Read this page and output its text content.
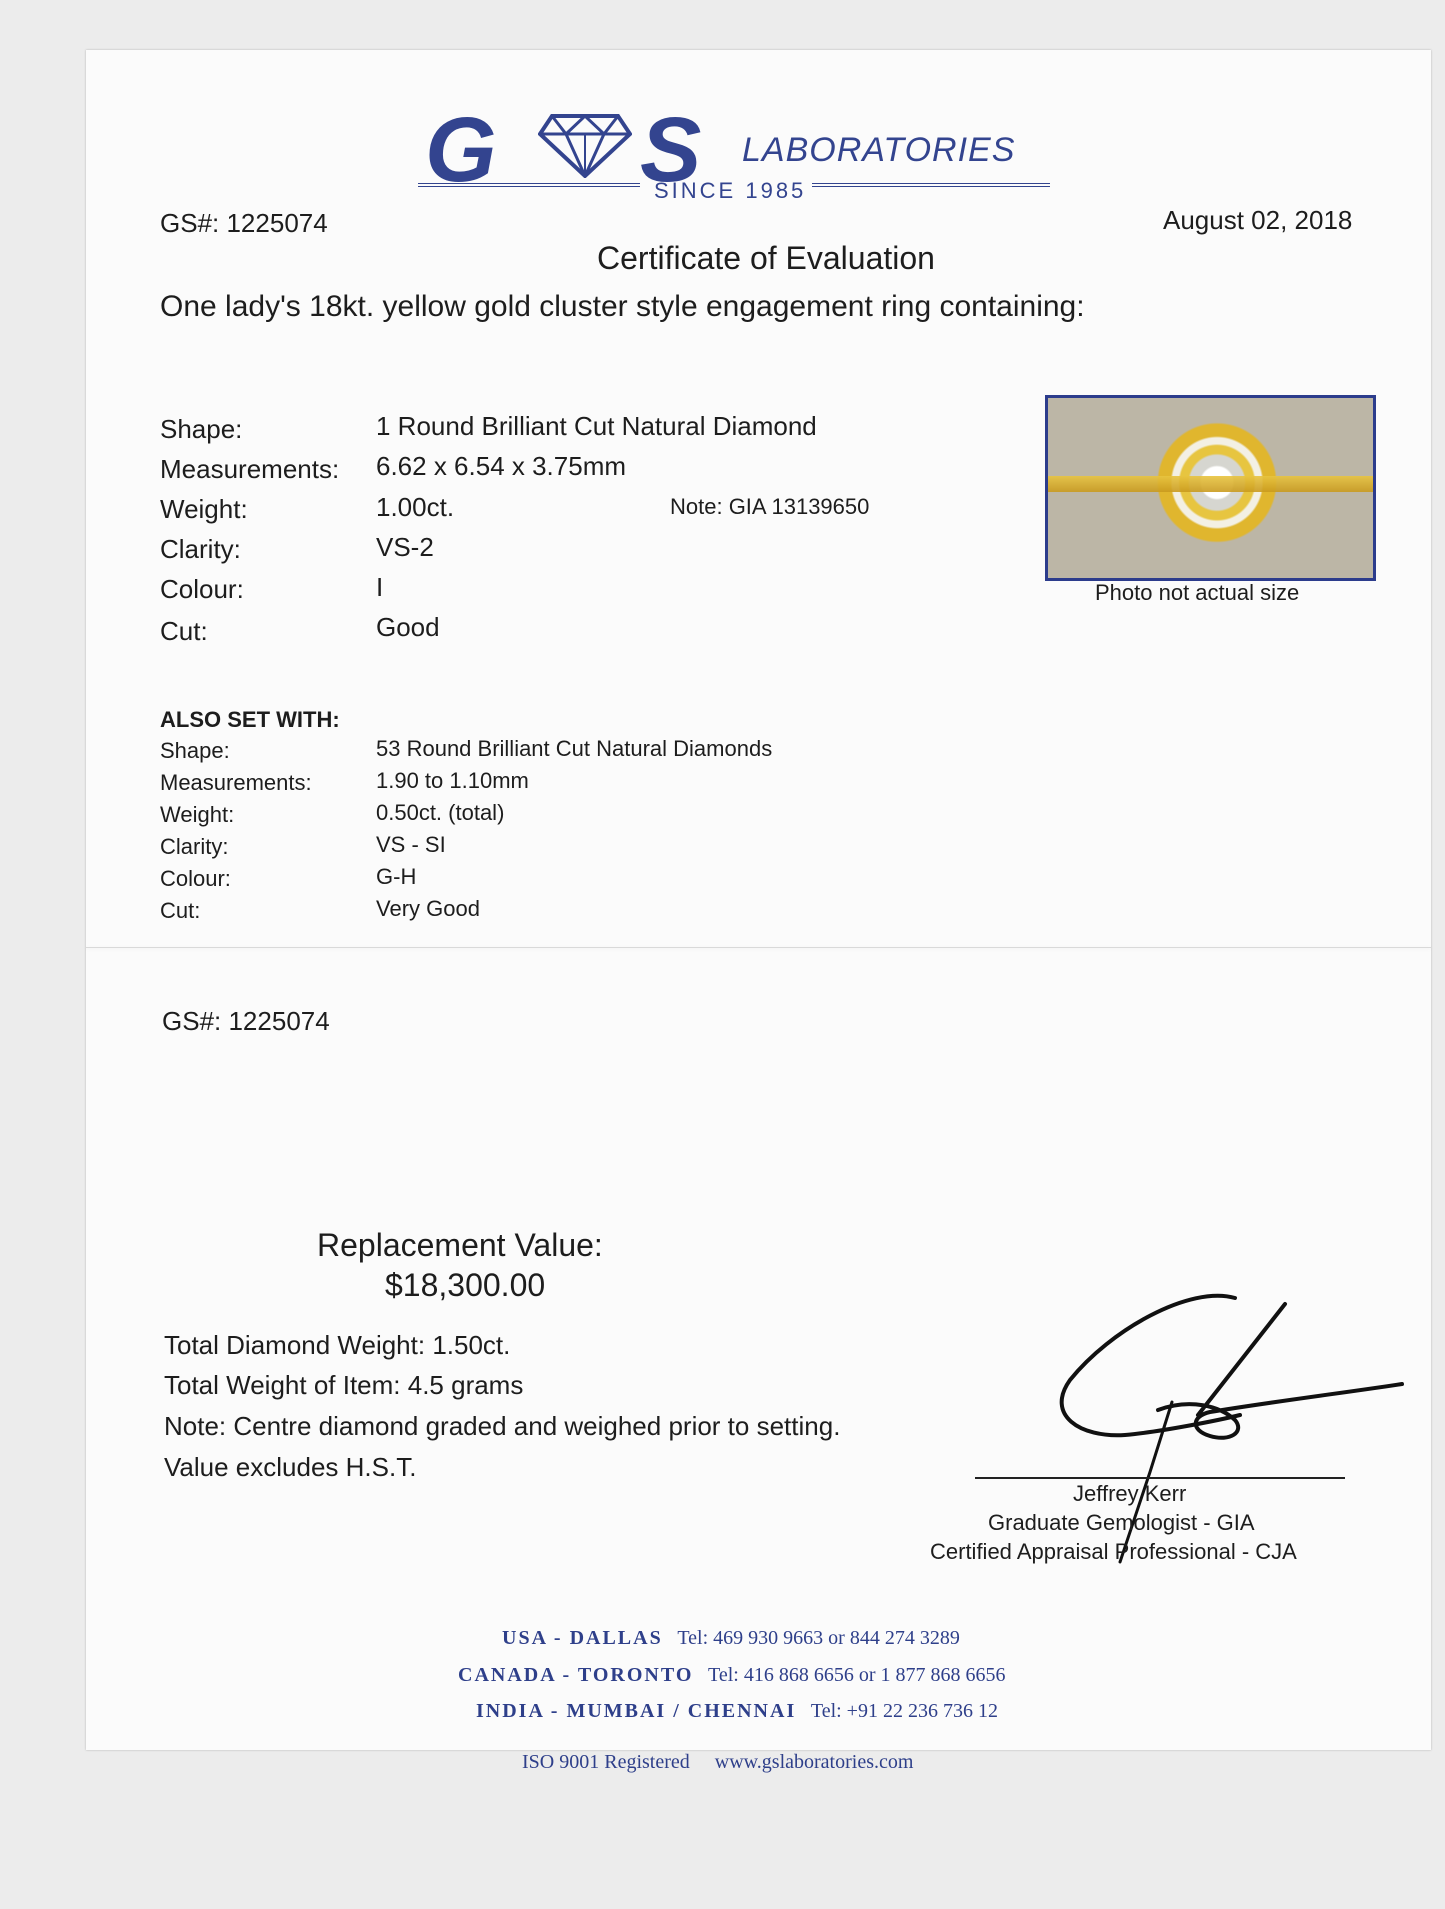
G S LABORATORIES
SINCE 1985
GS#: 1225074	August 02, 2018
Certificate of Evaluation
One lady's 18kt. yellow gold cluster style engagement ring containing:
Shape:	1 Round Brilliant Cut Natural Diamond
Measurements: 6.62 x 6.54 x 3.75mm
Weight:	1.00ct.	Note: GIA 13139650
Clarity:	VS-2
Colour:	I
Cut:	Good
Photo not actual size
ALSO SET WITH:
Shape:	53 Round Brilliant Cut Natural Diamonds
Measurements:	1.90 to 1.10mm
Weight:	0.50ct. (total)
Clarity:	VS - SI
Colour:	G-H
Cut:	Very Good
GS#: 1225074
Replacement Value:
$18,300.00
Total Diamond Weight: 1.50ct.
Total Weight of Item: 4.5 grams
Note: Centre diamond graded and weighed prior to setting.
Value excludes H.S.T.
Jeffrey Kerr
Graduate Gemologist - GIA
Certified Appraisal Professional - CJA
USA - DALLAS Tel: 469 930 9663 or 844 274 3289
CANADA - TORONTO Tel: 416 868 6656 or 1 877 868 6656
INDIA - MUMBAI / CHENNAI Tel: +91 22 236 736 12
ISO 9001 Registered www.gslaboratories.com
